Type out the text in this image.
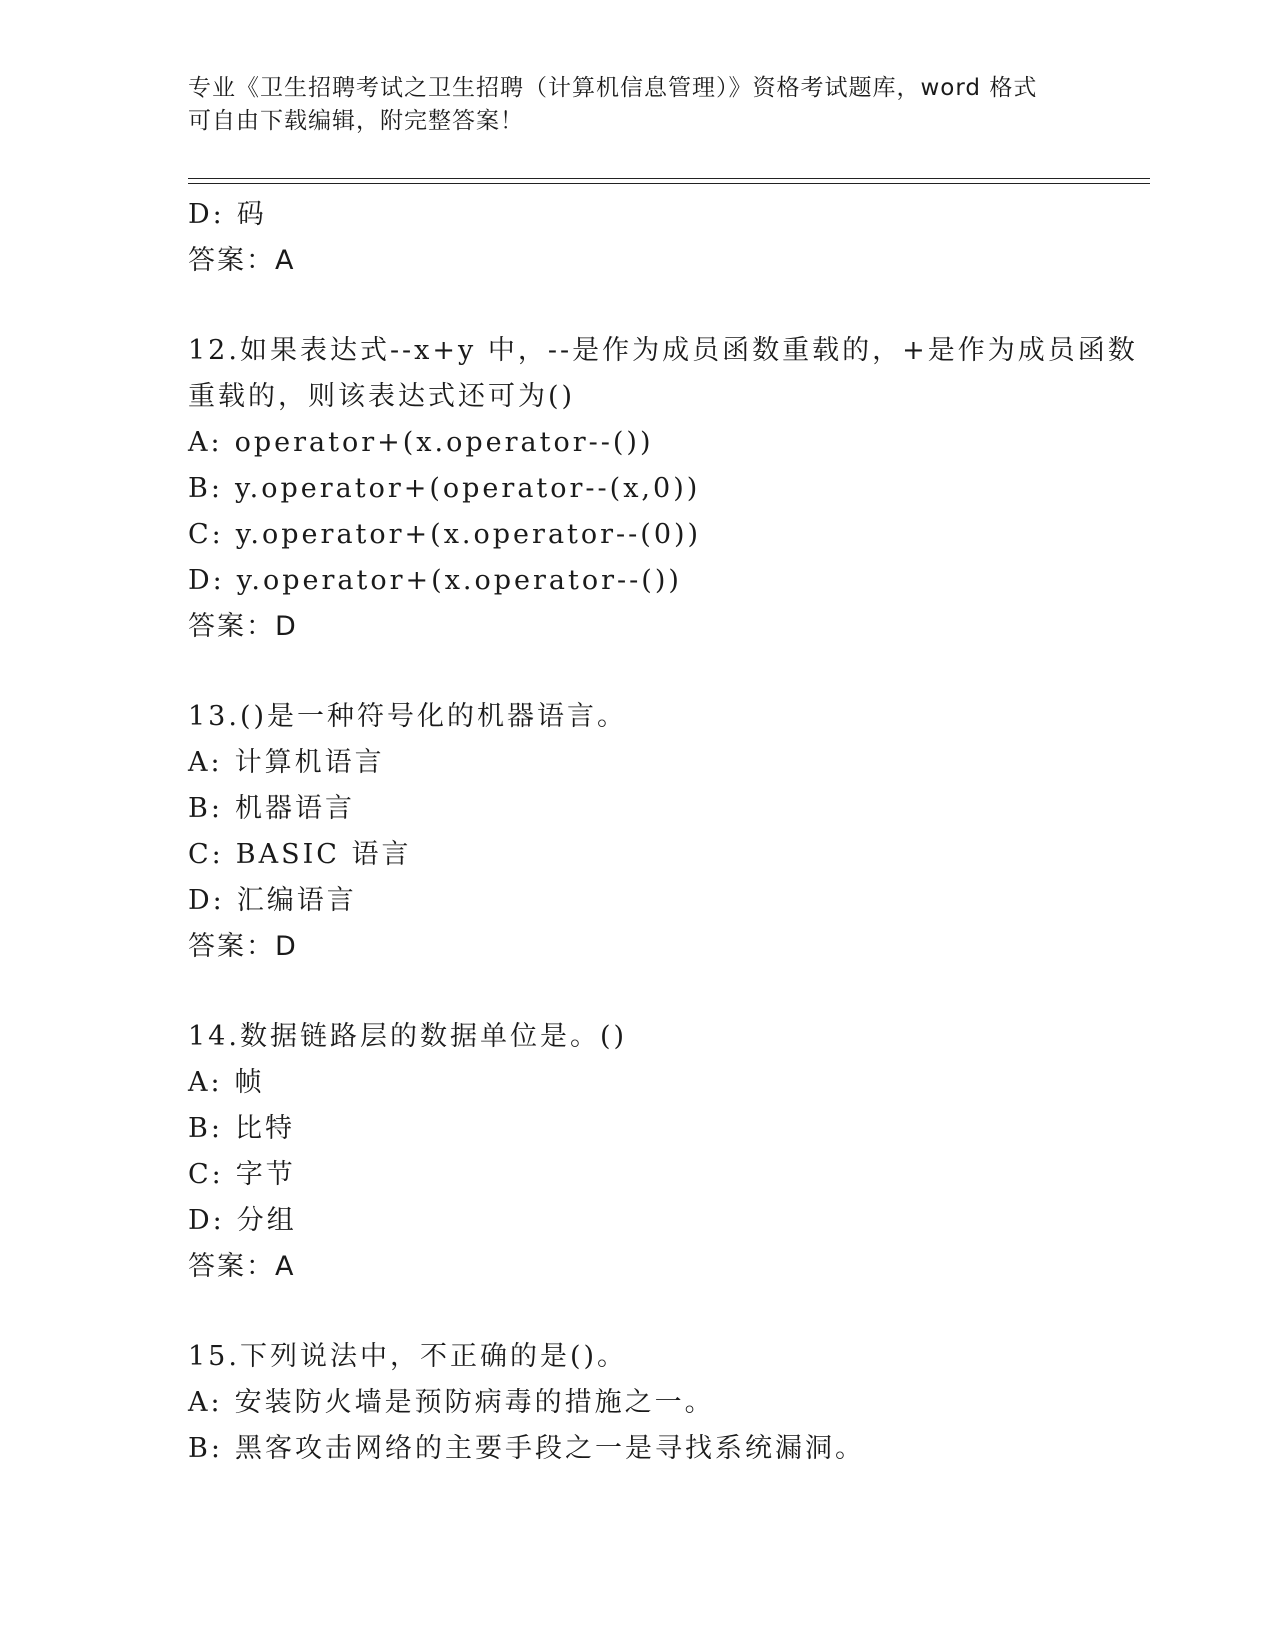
专业《卫生招聘考试之卫生招聘（计算机信息管理）》资格考试题库，word 格式
可自由下载编辑，附完整答案！
D: 码
答案：A
12.如果表达式--x+y 中，--是作为成员函数重载的，+是作为成员函数
重载的，则该表达式还可为()
A: operator+(x.operator--())
B: y.operator+(operator--(x,0))
C: y.operator+(x.operator--(0))
D: y.operator+(x.operator--())
答案：D
13.()是一种符号化的机器语言。
A: 计算机语言
B: 机器语言
C: BASIC 语言
D: 汇编语言
答案：D
14.数据链路层的数据单位是。()
A: 帧
B: 比特
C: 字节
D: 分组
答案：A
15.下列说法中，不正确的是()。
A: 安装防火墙是预防病毒的措施之一。
B: 黑客攻击网络的主要手段之一是寻找系统漏洞。
